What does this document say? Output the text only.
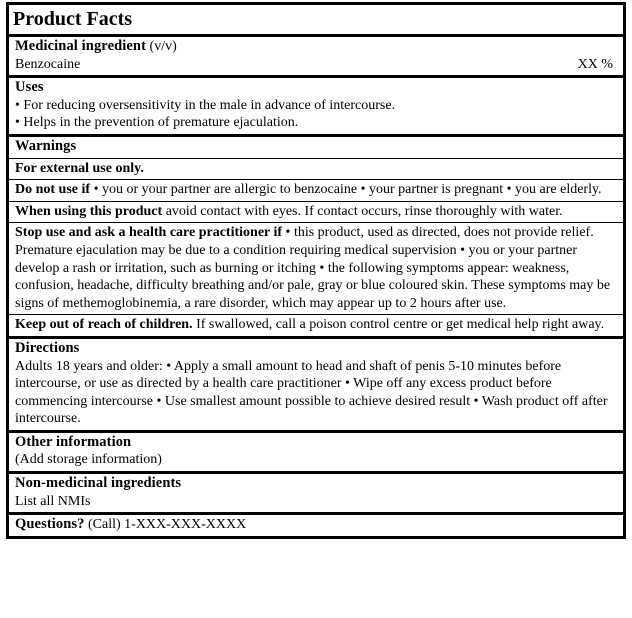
Product Facts

Medicinal ingredient (v/v)

Benzocaine	XX %

Uses

• For reducing oversensitivity in the male in advance of intercourse.

• Helps in the prevention of premature ejaculation.

Warnings

For external use only.

Do not use if • you or your partner are allergic to benzocaine • your partner is pregnant • you are elderly.

When using this product avoid contact with eyes. If contact occurs, rinse thoroughly with water.

Stop use and ask a health care practitioner if • this product, used as directed, does not provide relief. Premature ejaculation may be due to a condition requiring medical supervision • you or your partner develop a rash or irritation, such as burning or itching • the following symptoms appear: weakness, confusion, headache, difficulty breathing and/or pale, gray or blue coloured skin. These symptoms may be signs of methemoglobinemia, a rare disorder, which may appear up to 2 hours after use.

Keep out of reach of children. If swallowed, call a poison control centre or get medical help right away.

Directions

Adults 18 years and older: • Apply a small amount to head and shaft of penis 5-10 minutes before intercourse, or use as directed by a health care practitioner • Wipe off any excess product before commencing intercourse • Use smallest amount possible to achieve desired result • Wash product off after intercourse.

Other information

(Add storage information)

Non-medicinal ingredients

List all NMIs

Questions? (Call) 1-XXX-XXX-XXXX
